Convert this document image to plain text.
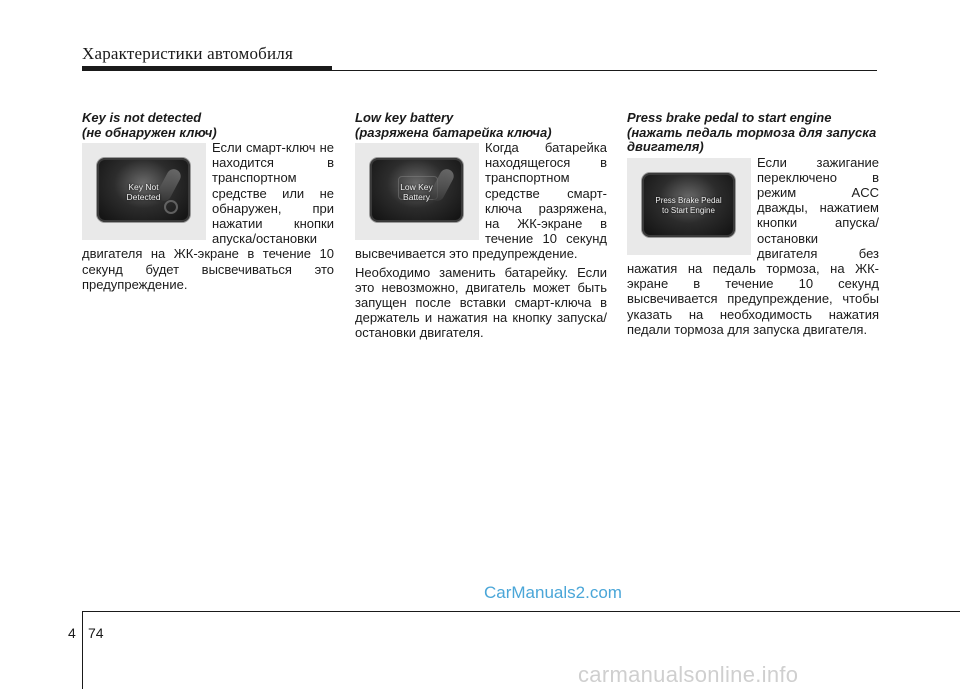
Характеристики автомобиля
Key is not detected
(не обнаружен ключ)
Key Not
Detected

Если смарт-ключ не находится в транспортном средстве или не обнаружен, при нажатии кнопки апуска/остановки двигателя на ЖК-экране в течение 10 секунд будет высвечиваться это предупреждение.

Low key battery
(разряжена батарейка ключа)
Low Key
Battery

Когда батарейка находящегося в транспортном средстве смарт-ключа разряжена, на ЖК-экране в течение 10 секунд высвечивается это предупреждение.

Необходимо заменить батарейку. Если это невозможно, двигатель может быть запущен после вставки смарт-ключа в держатель и нажатия на кнопку запуска/остановки двигателя.

Press brake pedal to start engine
(нажать педаль тормоза для запуска двигателя)
Press Brake Pedal
to Start Engine

Если зажигание переключено в режим ACC дважды, нажатием кнопки апуска/остановки двигателя без нажатия на педаль тормоза, на ЖК-экране в течение 10 секунд высвечивается предупреждение, чтобы указать на необходимость нажатия педали тормоза для запуска двигателя.

CarManuals2.com
4 74
carmanualsonline.info
